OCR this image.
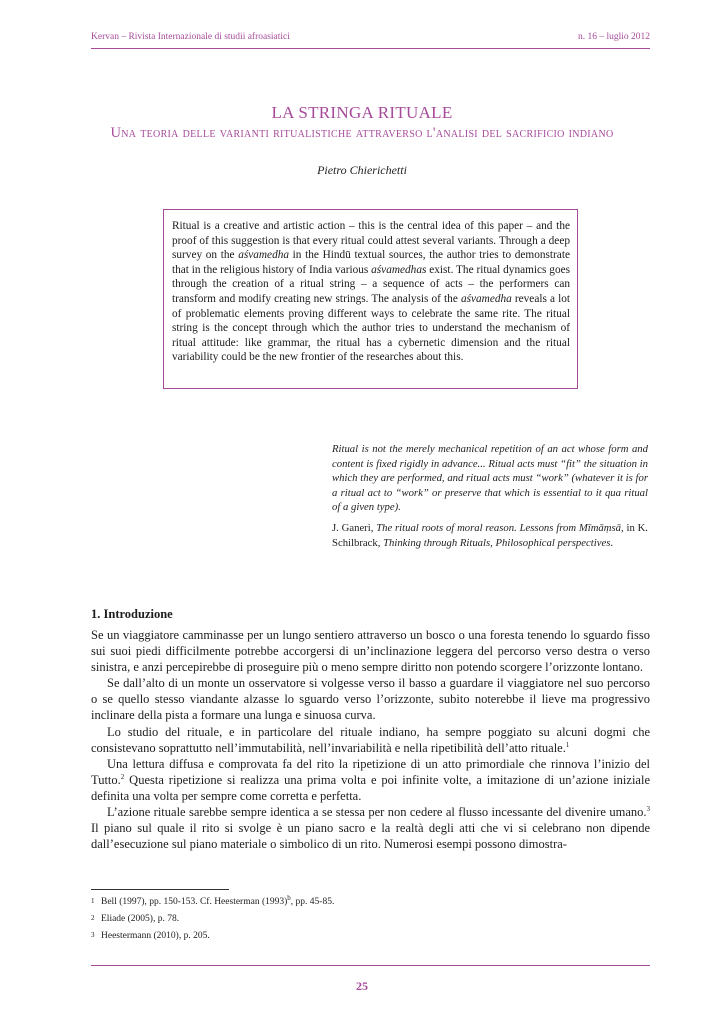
Kervan – Rivista Internazionale di studii afroasiatici	n. 16 – luglio 2012
LA STRINGA RITUALE
Una teoria delle varianti ritualistiche attraverso l'analisi del sacrificio indiano
Pietro Chierichetti
Ritual is a creative and artistic action – this is the central idea of this paper – and the proof of this suggestion is that every ritual could attest several variants. Through a deep survey on the aśvamedha in the Hindū textual sources, the author tries to demonstrate that in the religious history of India various aśvamedhas exist. The ritual dynamics goes through the creation of a ritual string – a sequence of acts – the performers can transform and modify creating new strings. The analysis of the aśvamedha reveals a lot of problematic elements proving different ways to celebrate the same rite. The ritual string is the concept through which the author tries to understand the mechanism of ritual attitude: like grammar, the ritual has a cybernetic dimension and the ritual variability could be the new frontier of the researches about this.
Ritual is not the merely mechanical repetition of an act whose form and content is fixed rigidly in advance... Ritual acts must “fit” the situation in which they are performed, and ritual acts must “work” (whatever it is for a ritual act to “work” or preserve that which is essential to it qua ritual of a given type).
J. Ganeri, The ritual roots of moral reason. Lessons from Mīmāṃsā, in K. Schilbrack, Thinking through Rituals, Philosophical perspectives.
1. Introduzione

Se un viaggiatore camminasse per un lungo sentiero attraverso un bosco o una foresta tenendo lo sguardo fisso sui suoi piedi difficilmente potrebbe accorgersi di un’inclinazione leggera del percorso verso destra o verso sinistra, e anzi percepirebbe di proseguire più o meno sempre diritto non potendo scorgere l’orizzonte lontano.

Se dall’alto di un monte un osservatore si volgesse verso il basso a guardare il viaggiatore nel suo percorso o se quello stesso viandante alzasse lo sguardo verso l’orizzonte, subito noterebbe il lieve ma progressivo inclinare della pista a formare una lunga e sinuosa curva.

Lo studio del rituale, e in particolare del rituale indiano, ha sempre poggiato su alcuni dogmi che consistevano soprattutto nell’immutabilità, nell’invariabilità e nella ripetibilità dell’atto rituale.$^1$

Una lettura diffusa e comprovata fa del rito la ripetizione di un atto primordiale che rinnova l’inizio del Tutto.$^2$ Questa ripetizione si realizza una prima volta e poi infinite volte, a imitazione di un’azione iniziale definita una volta per sempre come corretta e perfetta.

L’azione rituale sarebbe sempre identica a se stessa per non cedere al flusso incessante del divenire umano.$^3$ Il piano sul quale il rito si svolge è un piano sacro e la realtà degli atti che vi si celebrano non dipende dall’esecuzione sul piano materiale o simbolico di un rito. Numerosi esempi possono dimostra-

1 Bell (1997), pp. 150-153. Cf. Heesterman $(1993)^b$, pp. 45-85.
2 Eliade (2005), p. 78.
3 Heestermann (2010), p. 205.
25
